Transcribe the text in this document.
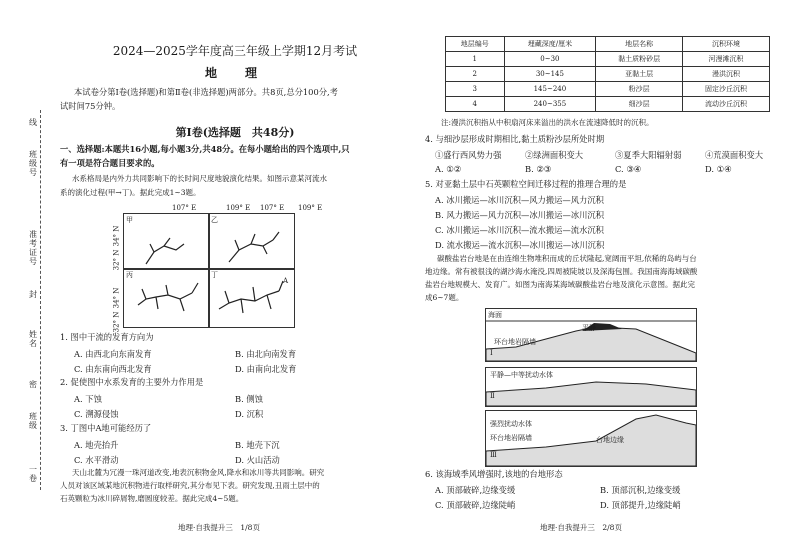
线
班级号
准考证号
封
姓名
密
班级
一卷
2024—2025学年度高三年级上学期12月考试
地　理
本试卷分第Ⅰ卷(选择题)和第Ⅱ卷(非选择题)两部分。共8页,总分100分,考
试时间75分钟。
第Ⅰ卷(选择题　共48分)
一、选择题:本题共16小题,每小题3分,共48分。在每小题给出的四个选项中,只
有一项是符合题目要求的。
水系格局是内外力共同影响下的长时间尺度地貌演化结果。如图示意某河流水
系的演化过程(甲→丁)。据此完成1~3题。
107° E	109° E 107° E 109° E
34° N
32° N
34° N
32° N
甲	乙
丙	丁
A
1. 图中干流的发育方向为
A. 由西北向东南发育	B. 由北向南发育
C. 由东南向西北发育	D. 由南向北发育
2. 促使图中水系发育的主要外力作用是
A. 下蚀	B. 侧蚀
C. 溯源侵蚀	D. 沉积
3. 丁图中A地可能经历了
A. 地壳抬升	B. 地壳下沉
C. 水平滑动	D. 火山活动
天山北麓为冗漫一珠河道改变,地表沉积物金风,降水和冰川等共同影响。研究
人员对该区域某地沉积物进行取样研究,其分布见下表。研究发现,丑雨土层中的
石英颗粒为冰川碎屑物,磨圆度较差。据此完成4~5题。
地理·自我提升三　1/8页
地层编号	埋藏深度/厘米	地层名称	沉积环境
1	0~30	黏土质粉砂层	河漫滩沉积
2	30~145	亚黏土层	漫洪沉积
3	145~240	粉沙层	固定沙丘沉积
4	240~355	细沙层	流动沙丘沉积
注:漫洪沉积指从中积扇河床来溢出的洪水在流速降低时的沉积。
4. 与细沙层形成时期相比,黏土质粉沙层所处时期
①盛行西风势力强	②绿洲面积变大	③夏季大阳辐射弱	④荒漠面积变大
A. ①②	B. ②③	C. ③④	D. ①④
5. 对亚黏土层中石英颗粒空间迁移过程的推理合理的是
A. 冰川搬运—冰川沉积—风力搬运—风力沉积
B. 风力搬运—风力沉积—冰川搬运—冰川沉积
C. 冰川搬运—冰川沉积—流水搬运—流水沉积
D. 流水搬运—流水沉积—冰川搬运—冰川沉积
碳酸盐岩台地是在由连绵生物堆积而成的丘状隆起,宽阔而平坦,依稀的岛屿与台
地边缘。常有被很浅的湖沙海水淹没,四周被陡坡以及深海包围。我国南海海域碳酸
盐岩台地规模大、发育广。如图为南海某海域碳酸盐岩台地及演化示意图。据此完
成6~7题。
海面
平静
环台地岩隔墙
Ⅰ
平静—中等扰动水体
Ⅱ
强烈扰动水体
环台地岩隔墙	台地边缘
Ⅲ
6. 该海域季风增强时,该地的台地形态
A. 顶部破碎,边缘变缓	B. 顶部沉积,边缘变缓
C. 顶部破碎,边缘陡峭	D. 顶部提升,边缘陡峭
地理·自我提升三　2/8页
